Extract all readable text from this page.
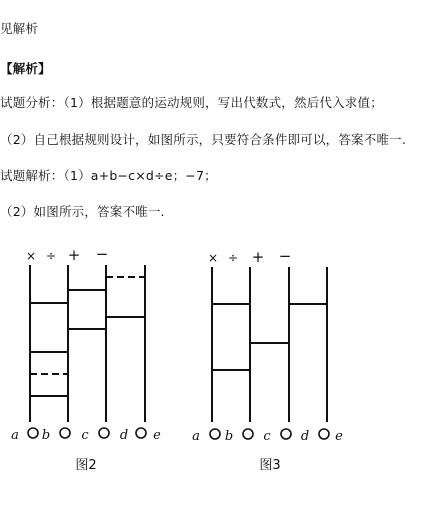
见解析
【解析】
试题分析：（1）根据题意的运动规则，写出代数式，然后代入求值；
（2）自己根据规则设计，如图所示，只要符合条件即可以，答案不唯一.
试题解析：（1）a+b−c×d÷e；−7；
（2）如图所示，答案不唯一.
× ÷ + −
a b c d e
图2
× ÷ + −
a b c d e
图3
